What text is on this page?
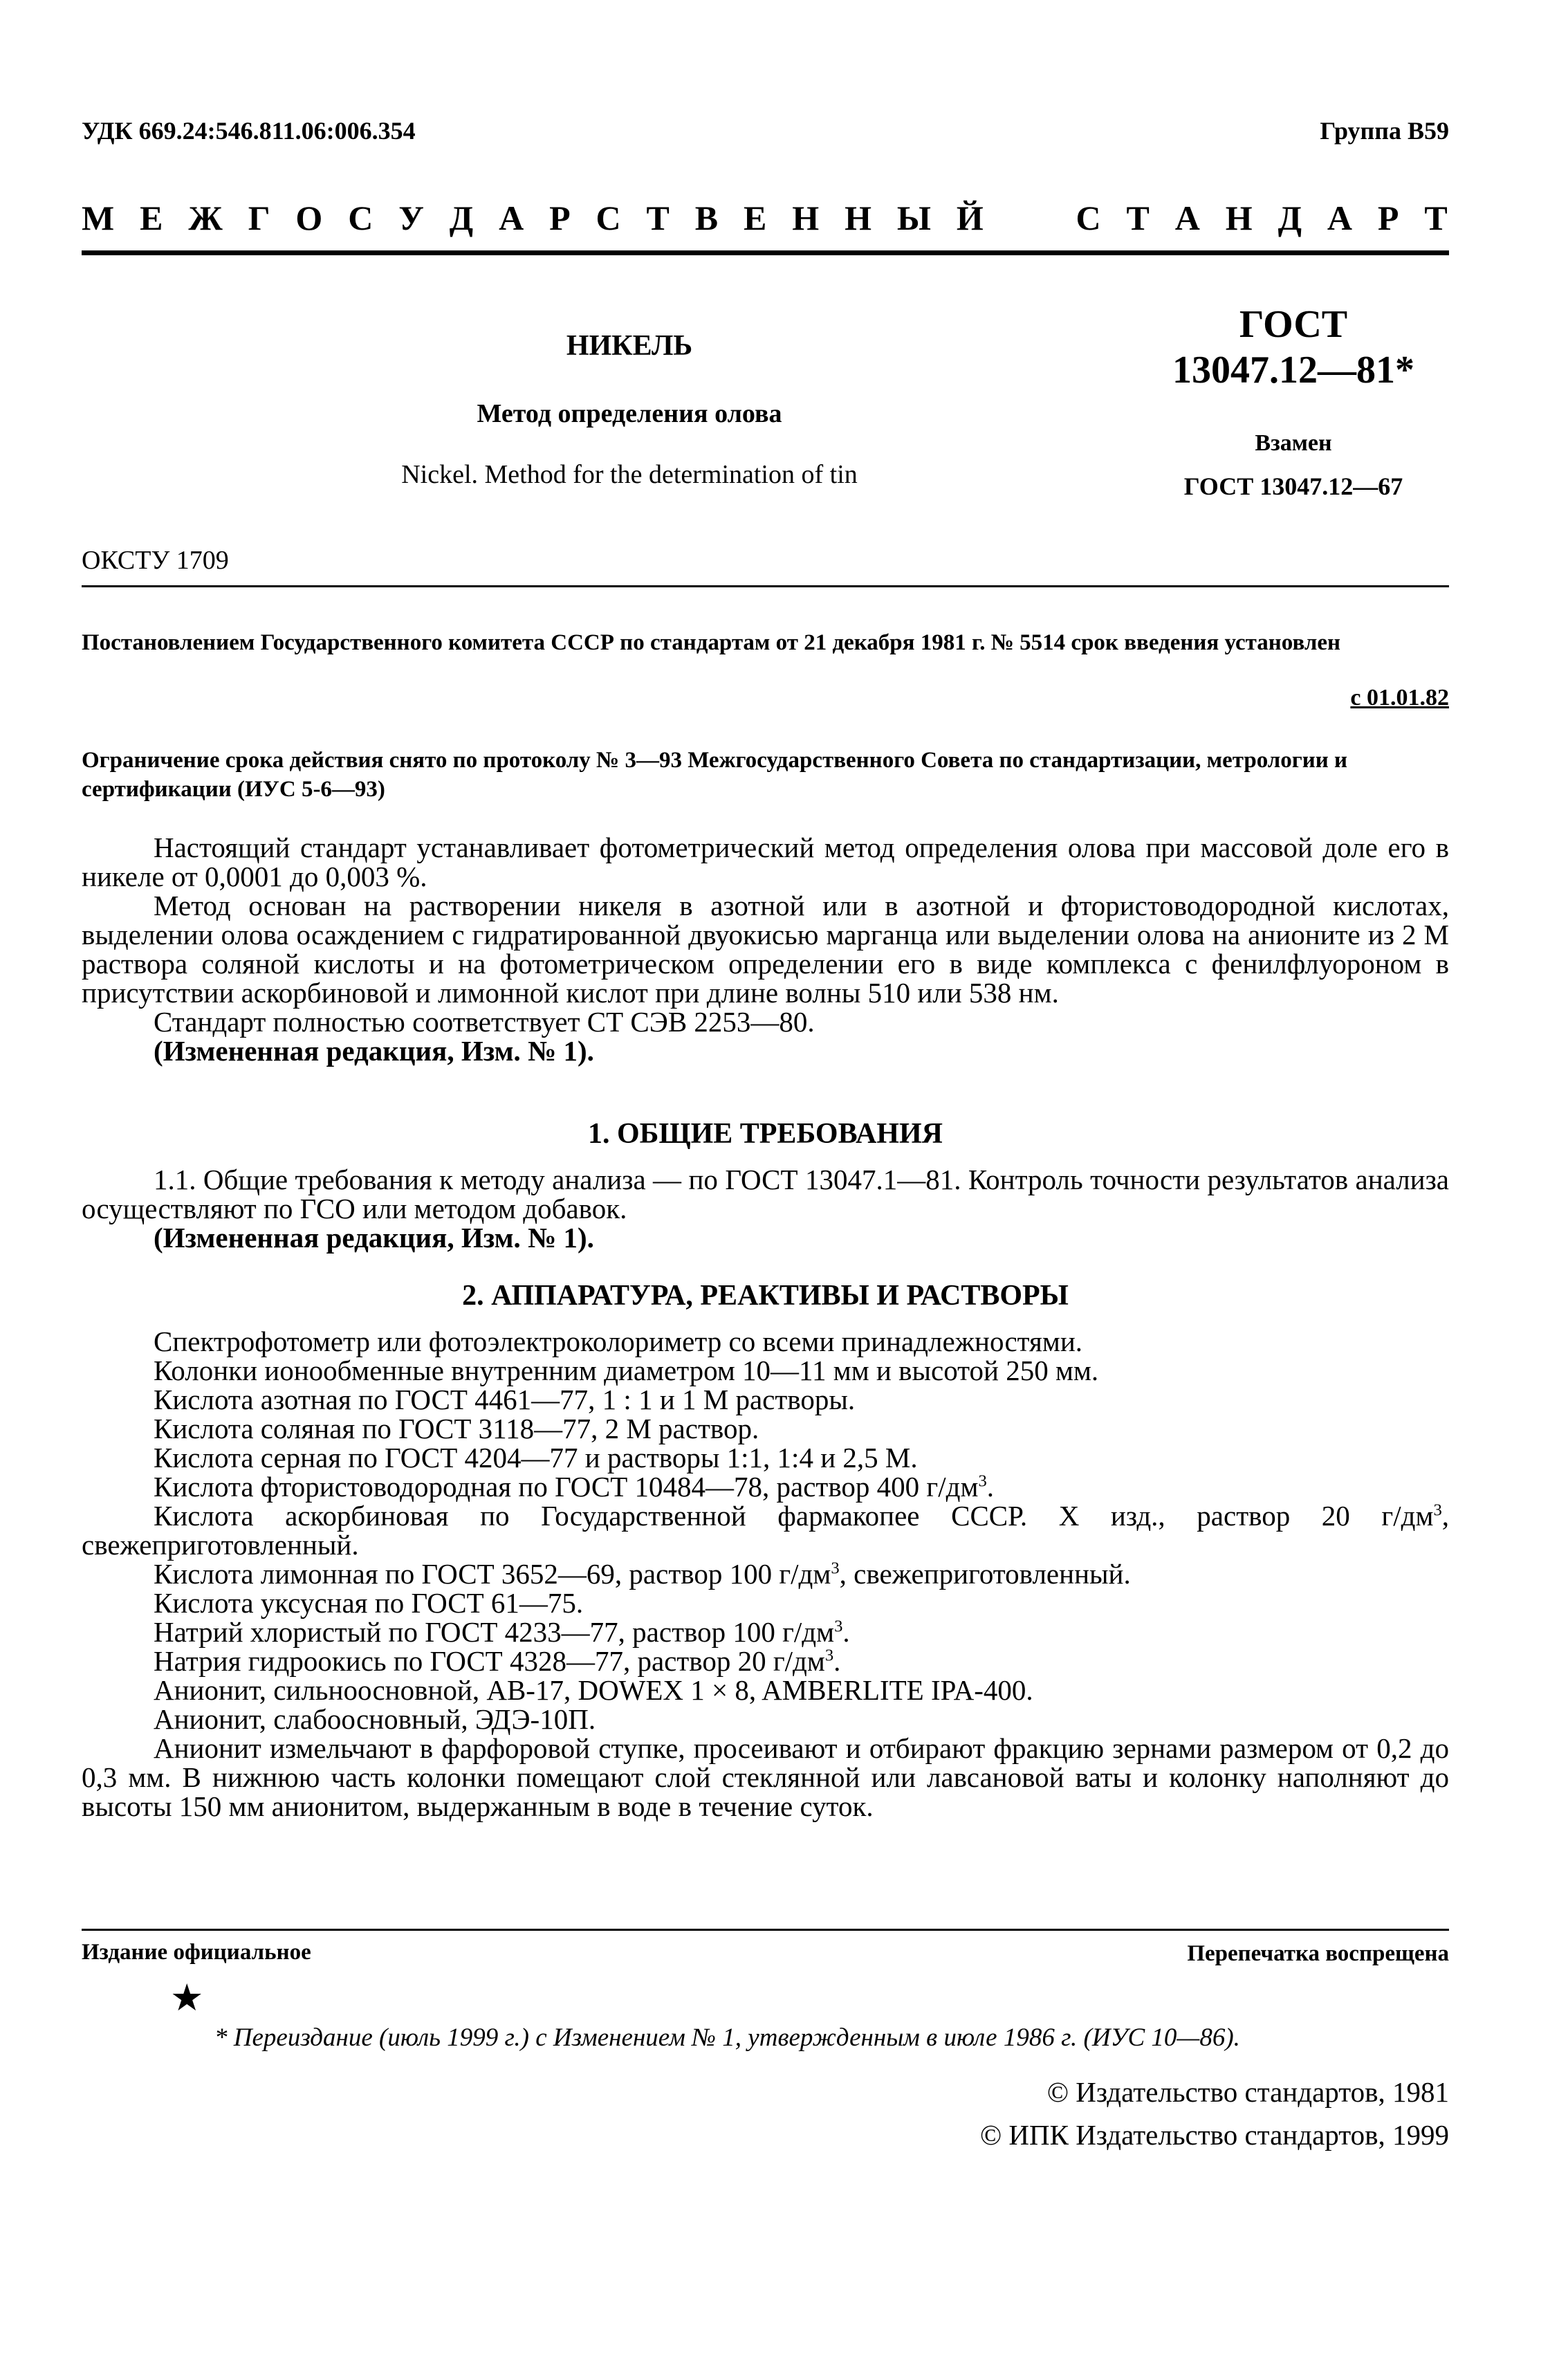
УДК 669.24:546.811.06:006.354	Группа В59
М Е Ж Г О С У Д А Р С Т В Е Н Н Ы Й	С Т А Н Д А Р Т
НИКЕЛЬ
Метод определения олова
Nickel. Method for the determination of tin
ГОСТ
13047.12—81*
Взамен
ГОСТ 13047.12—67
ОКСТУ 1709
Постановлением Государственного комитета СССР по стандартам от 21 декабря 1981 г. № 5514 срок введения установлен
с 01.01.82
Ограничение срока действия снято по протоколу № 3—93 Межгосударственного Совета по стандартизации, метрологии и сертификации (ИУС 5-6—93)

Настоящий стандарт устанавливает фотометрический метод определения олова при массовой доле его в никеле от 0,0001 до 0,003 %.

Метод основан на растворении никеля в азотной или в азотной и фтористоводородной кислотах, выделении олова осаждением с гидратированной двуокисью марганца или выделении олова на анионите из 2 М раствора соляной кислоты и на фотометрическом определении его в виде комплекса с фенилфлуороном в присутствии аскорбиновой и лимонной кислот при длине волны 510 или 538 нм.

Стандарт полностью соответствует СТ СЭВ 2253—80.

(Измененная редакция, Изм. № 1).

1. ОБЩИЕ ТРЕБОВАНИЯ

1.1. Общие требования к методу анализа — по ГОСТ 13047.1—81. Контроль точности результатов анализа осуществляют по ГСО или методом добавок.

(Измененная редакция, Изм. № 1).

2. АППАРАТУРА, РЕАКТИВЫ И РАСТВОРЫ

Спектрофотометр или фотоэлектроколориметр со всеми принадлежностями.

Колонки ионообменные внутренним диаметром 10—11 мм и высотой 250 мм.

Кислота азотная по ГОСТ 4461—77, 1 : 1 и 1 М растворы.

Кислота соляная по ГОСТ 3118—77, 2 М раствор.

Кислота серная по ГОСТ 4204—77 и растворы 1:1, 1:4 и 2,5 М.

Кислота фтористоводородная по ГОСТ 10484—78, раствор 400 $г/дм^3$.

Кислота аскорбиновая по Государственной фармакопее СССР. X изд., раствор 20 $г/дм^3$, свежеприготовленный.

Кислота лимонная по ГОСТ 3652—69, раствор 100 $г/дм^3$, свежеприготовленный.

Кислота уксусная по ГОСТ 61—75.

Натрий хлористый по ГОСТ 4233—77, раствор 100 $г/дм^3$.

Натрия гидроокись по ГОСТ 4328—77, раствор 20 $г/дм^3$.

Анионит, сильноосновной, АВ-17, DOWEX 1 × 8, AMBERLITE IPA-400.

Анионит, слабоосновный, ЭДЭ-10П.

Анионит измельчают в фарфоровой ступке, просеивают и отбирают фракцию зернами размером от 0,2 до 0,3 мм. В нижнюю часть колонки помещают слой стеклянной или лавсановой ваты и колонку наполняют до высоты 150 мм анионитом, выдержанным в воде в течение суток.

Издание официальное	Перепечатка воспрещена
★
* Переиздание (июль 1999 г.) с Изменением № 1, утвержденным в июле 1986 г. (ИУС 10—86).
© Издательство стандартов, 1981
© ИПК Издательство стандартов, 1999
